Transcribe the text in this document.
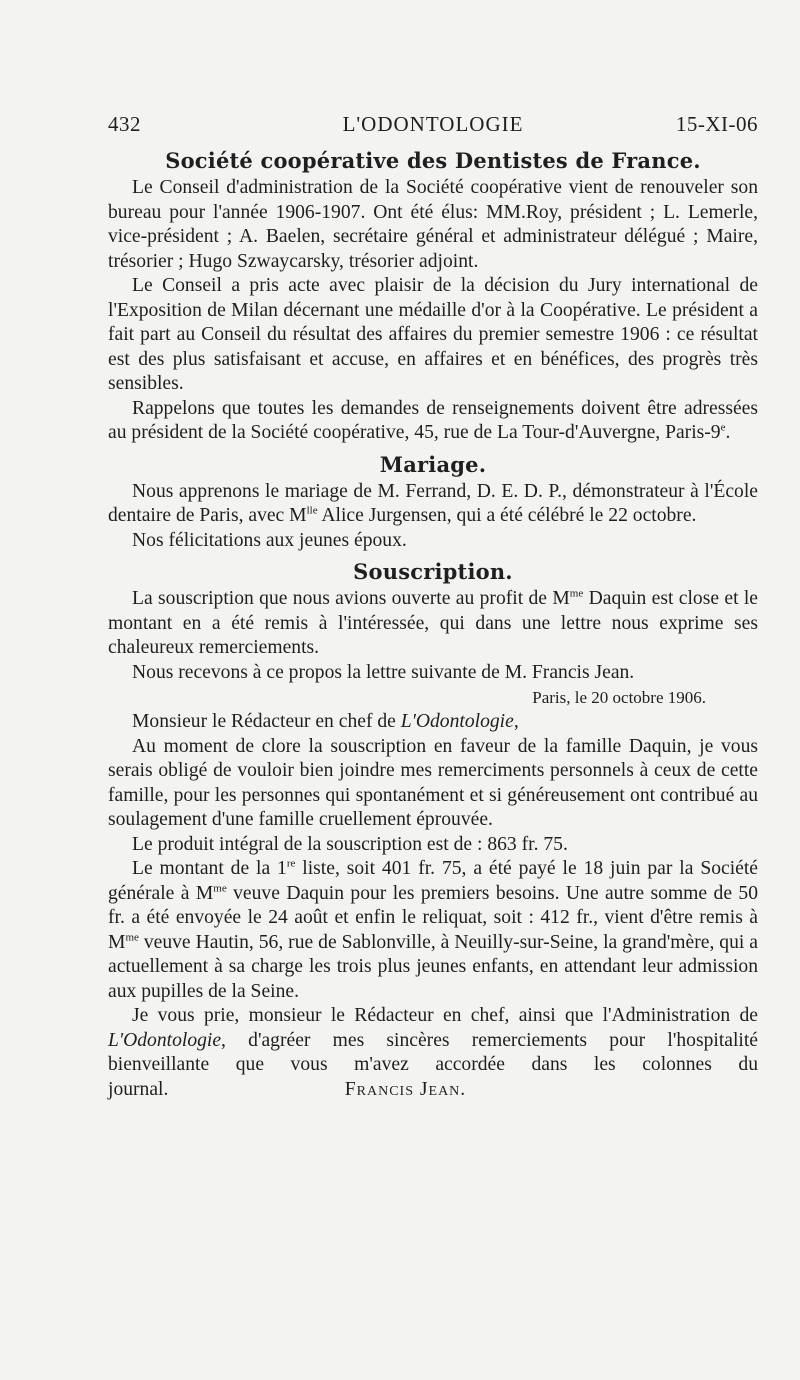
432	L'ODONTOLOGIE	15-XI-06
Société coopérative des Dentistes de France.

Le Conseil d'administration de la Société coopérative vient de renouveler son bureau pour l'année 1906-1907. Ont été élus: MM.Roy, président ; L. Lemerle, vice-président ; A. Baelen, secrétaire général et administrateur délégué ; Maire, trésorier ; Hugo Szwaycarsky, trésorier adjoint.

Le Conseil a pris acte avec plaisir de la décision du Jury international de l'Exposition de Milan décernant une médaille d'or à la Coopérative. Le président a fait part au Conseil du résultat des affaires du premier semestre 1906 : ce résultat est des plus satisfaisant et accuse, en affaires et en bénéfices, des progrès très sensibles.

Rappelons que toutes les demandes de renseignements doivent être adressées au président de la Société coopérative, 45, rue de La Tour-d'Auvergne, Paris-9e.

Mariage.

Nous apprenons le mariage de M. Ferrand, D. E. D. P., démonstrateur à l'École dentaire de Paris, avec $M^{lle}$ Alice Jurgensen, qui a été célébré le 22 octobre.

Nos félicitations aux jeunes époux.

Souscription.

La souscription que nous avions ouverte au profit de $M^{me}$ Daquin est close et le montant en a été remis à l'intéressée, qui dans une lettre nous exprime ses chaleureux remerciements.

Nous recevons à ce propos la lettre suivante de M. Francis Jean.

Paris, le 20 octobre 1906.

Monsieur le Rédacteur en chef de L'Odontologie,

Au moment de clore la souscription en faveur de la famille Daquin, je vous serais obligé de vouloir bien joindre mes remerciments personnels à ceux de cette famille, pour les personnes qui spontanément et si généreusement ont contribué au soulagement d'une famille cruellement éprouvée.

Le produit intégral de la souscription est de : 863 fr. 75.

Le montant de la 1re liste, soit 401 fr. 75, a été payé le 18 juin par la Société générale à $M^{me}$ veuve Daquin pour les premiers besoins. Une autre somme de 50 fr. a été envoyée le 24 août et enfin le reliquat, soit : 412 fr., vient d'être remis à $M^{me}$ veuve Hautin, 56, rue de Sablonville, à Neuilly-sur-Seine, la grand'mère, qui a actuellement à sa charge les trois plus jeunes enfants, en attendant leur admission aux pupilles de la Seine.

Je vous prie, monsieur le Rédacteur en chef, ainsi que l'Administration de L'Odontologie, d'agréer mes sincères remerciements pour l'hospitalité bienveillante que vous m'avez accordée dans les colonnes du journal.	Francis Jean.
